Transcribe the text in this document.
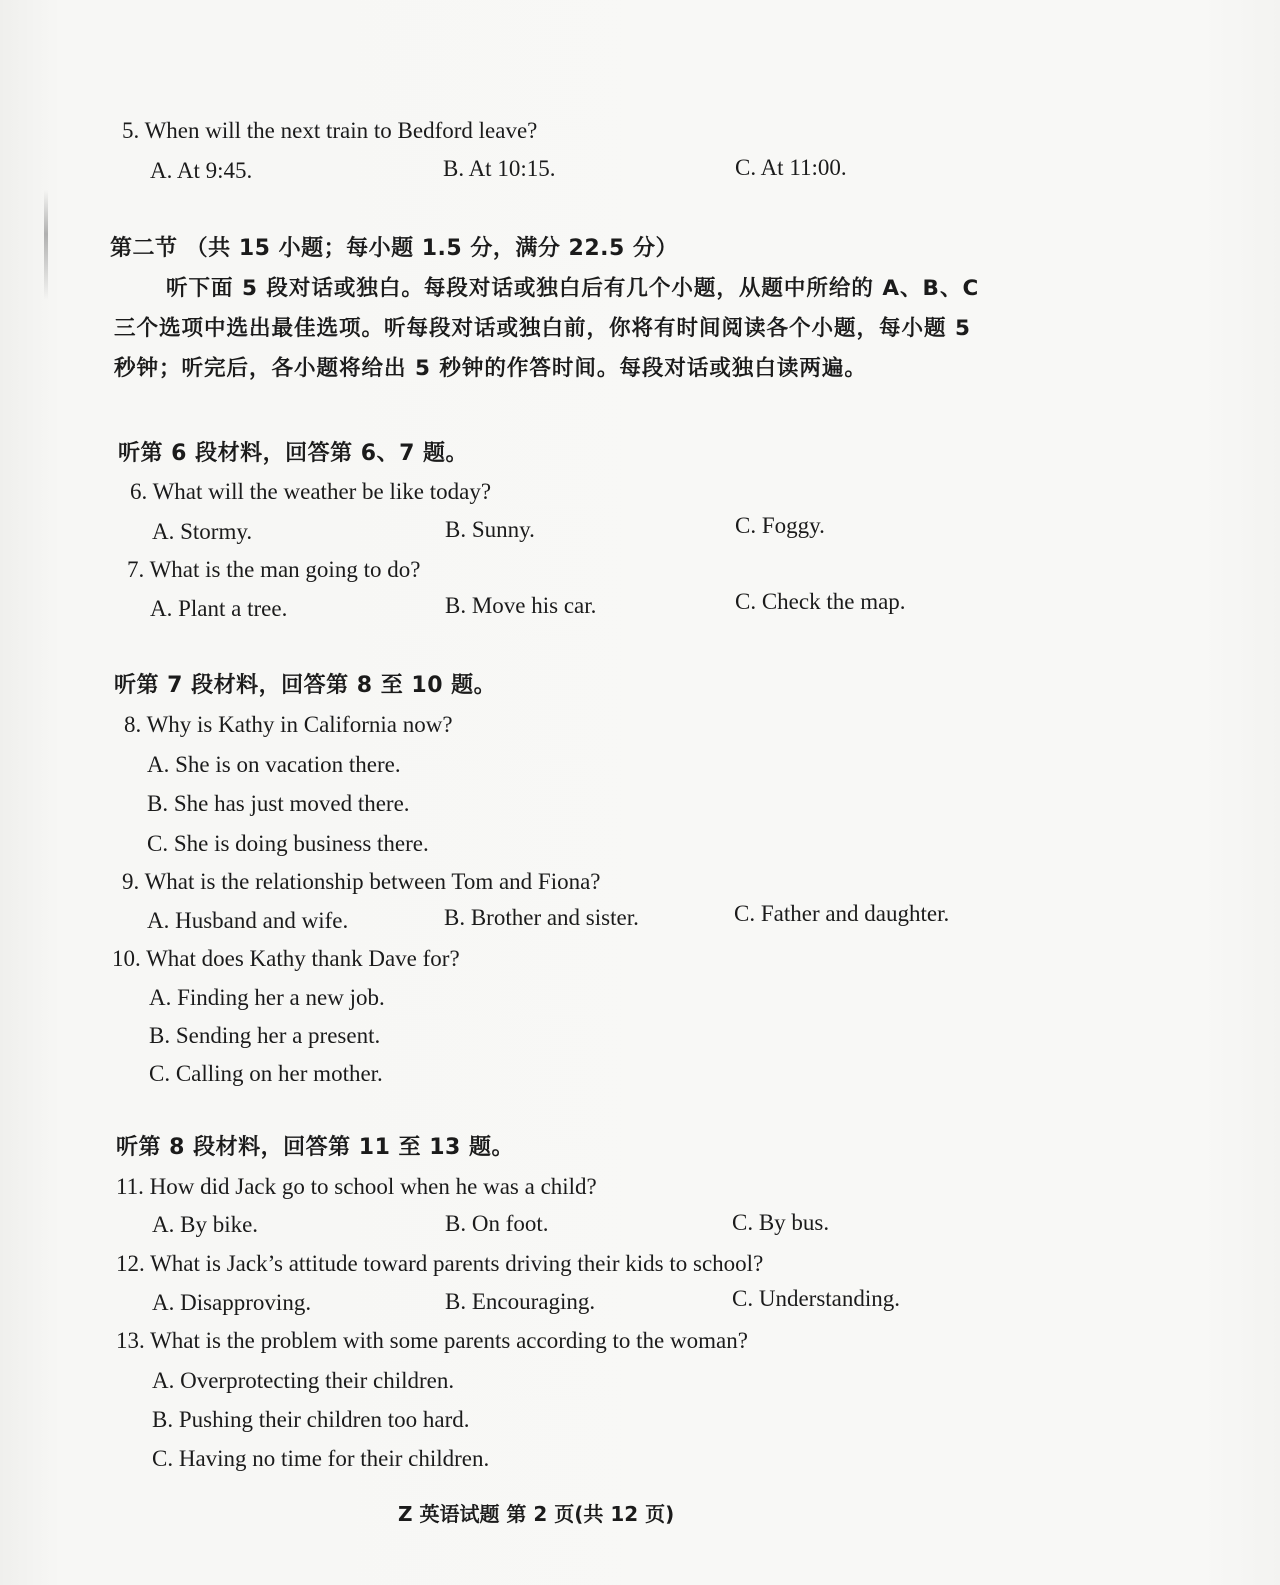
5. When will the next train to Bedford leave?
A. At 9:45.	B. At 10:15.	C. At 11:00.
第二节 （共 15 小题；每小题 1.5 分，满分 22.5 分）
听下面 5 段对话或独白。每段对话或独白后有几个小题，从题中所给的 A、B、C
三个选项中选出最佳选项。听每段对话或独白前，你将有时间阅读各个小题，每小题 5
秒钟；听完后，各小题将给出 5 秒钟的作答时间。每段对话或独白读两遍。
听第 6 段材料，回答第 6、7 题。
6. What will the weather be like today?
A. Stormy.	B. Sunny.	C. Foggy.
7. What is the man going to do?
A. Plant a tree.	B. Move his car.	C. Check the map.
听第 7 段材料，回答第 8 至 10 题。
8. Why is Kathy in California now?
A. She is on vacation there.
B. She has just moved there.
C. She is doing business there.
9. What is the relationship between Tom and Fiona?
A. Husband and wife.	B. Brother and sister.	C. Father and daughter.
10. What does Kathy thank Dave for?
A. Finding her a new job.
B. Sending her a present.
C. Calling on her mother.
听第 8 段材料，回答第 11 至 13 题。
11. How did Jack go to school when he was a child?
A. By bike.	B. On foot.	C. By bus.
12. What is Jack’s attitude toward parents driving their kids to school?
A. Disapproving.	B. Encouraging.	C. Understanding.
13. What is the problem with some parents according to the woman?
A. Overprotecting their children.
B. Pushing their children too hard.
C. Having no time for their children.
Z 英语试题 第 2 页(共 12 页)
